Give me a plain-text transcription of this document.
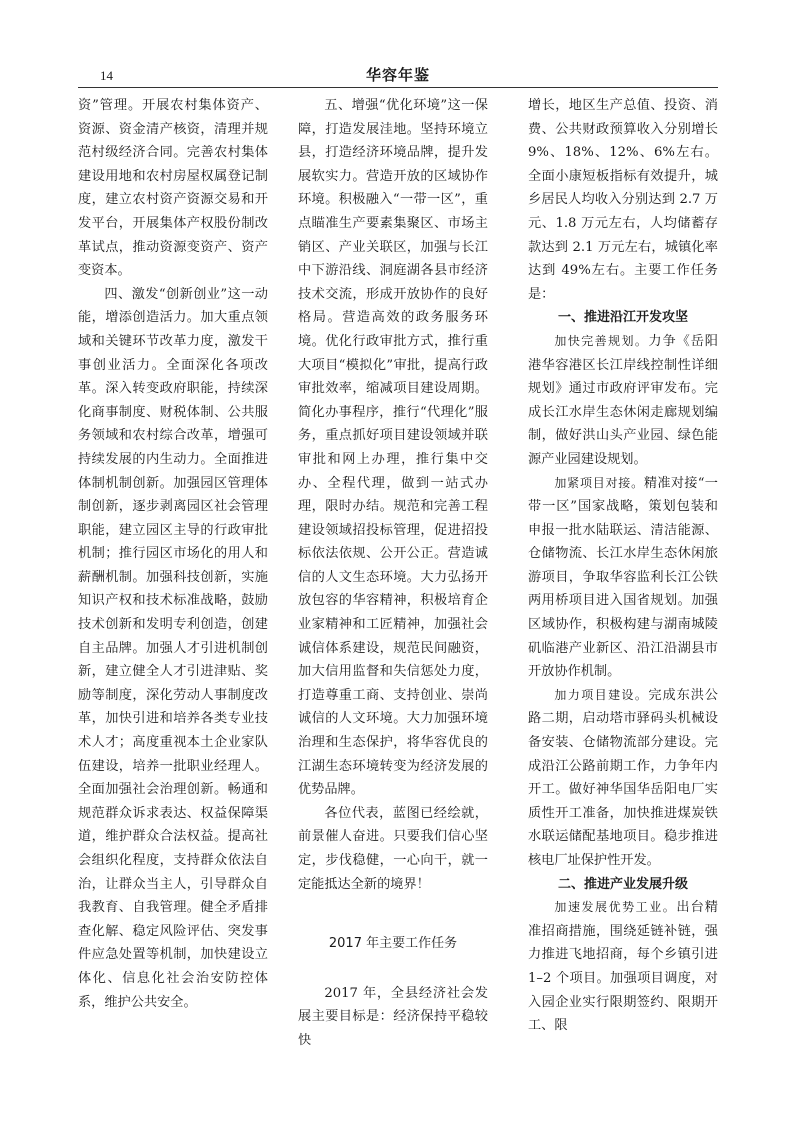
14	华容年鉴

资”管理。开展农村集体资产、资源、资金清产核资，清理并规范村级经济合同。完善农村集体建设用地和农村房屋权属登记制度，建立农村资产资源交易和开发平台，开展集体产权股份制改革试点，推动资源变资产、资产变资本。

四、激发“创新创业”这一动能，增添创造活力。加大重点领域和关键环节改革力度，激发干事创业活力。全面深化各项改革。深入转变政府职能，持续深化商事制度、财税体制、公共服务领域和农村综合改革，增强可持续发展的内生动力。全面推进体制机制创新。加强园区管理体制创新，逐步剥离园区社会管理职能，建立园区主导的行政审批机制；推行园区市场化的用人和薪酬机制。加强科技创新，实施知识产权和技术标准战略，鼓励技术创新和发明专利创造，创建自主品牌。加强人才引进机制创新，建立健全人才引进津贴、奖励等制度，深化劳动人事制度改革，加快引进和培养各类专业技术人才；高度重视本土企业家队伍建设，培养一批职业经理人。全面加强社会治理创新。畅通和规范群众诉求表达、权益保障渠道，维护群众合法权益。提高社会组织化程度，支持群众依法自治，让群众当主人，引导群众自我教育、自我管理。健全矛盾排查化解、稳定风险评估、突发事件应急处置等机制，加快建设立体化、信息化社会治安防控体系，维护公共安全。

五、增强“优化环境”这一保障，打造发展洼地。坚持环境立县，打造经济环境品牌，提升发展软实力。营造开放的区域协作环境。积极融入“一带一区”，重点瞄准生产要素集聚区、市场主销区、产业关联区，加强与长江中下游沿线、洞庭湖各县市经济技术交流，形成开放协作的良好格局。营造高效的政务服务环境。优化行政审批方式，推行重大项目“模拟化”审批，提高行政审批效率，缩减项目建设周期。简化办事程序，推行“代理化”服务，重点抓好项目建设领域并联审批和网上办理，推行集中交办、全程代理，做到一站式办理，限时办结。规范和完善工程建设领域招投标管理，促进招投标依法依规、公开公正。营造诚信的人文生态环境。大力弘扬开放包容的华容精神，积极培育企业家精神和工匠精神，加强社会诚信体系建设，规范民间融资，加大信用监督和失信惩处力度，打造尊重工商、支持创业、崇尚诚信的人文环境。大力加强环境治理和生态保护，将华容优良的江湖生态环境转变为经济发展的优势品牌。

各位代表，蓝图已经绘就，前景催人奋进。只要我们信心坚定，步伐稳健，一心向干，就一定能抵达全新的境界！

2017 年主要工作任务

2017 年，全县经济社会发展主要目标是：经济保持平稳较快

增长，地区生产总值、投资、消费、公共财政预算收入分别增长 9%、18%、12%、6%左右。全面小康短板指标有效提升，城乡居民人均收入分别达到 2.7 万元、1.8 万元左右，人均储蓄存款达到 2.1 万元左右，城镇化率达到 49%左右。主要工作任务是：

一、推进沿江开发攻坚

加快完善规划。力争《岳阳港华容港区长江岸线控制性详细规划》通过市政府评审发布。完成长江水岸生态休闲走廊规划编制，做好洪山头产业园、绿色能源产业园建设规划。

加紧项目对接。精准对接“一带一区”国家战略，策划包装和申报一批水陆联运、清洁能源、仓储物流、长江水岸生态休闲旅游项目，争取华容监利长江公铁两用桥项目进入国省规划。加强区域协作，积极构建与湖南城陵矶临港产业新区、沿江沿湖县市开放协作机制。

加力项目建设。完成东洪公路二期，启动塔市驿码头机械设备安装、仓储物流部分建设。完成沿江公路前期工作，力争年内开工。做好神华国华岳阳电厂实质性开工准备，加快推进煤炭铁水联运储配基地项目。稳步推进核电厂址保护性开发。

二、推进产业发展升级

加速发展优势工业。出台精准招商措施，围绕延链补链，强力推进飞地招商，每个乡镇引进 1–2 个项目。加强项目调度，对入园企业实行限期签约、限期开工、限
